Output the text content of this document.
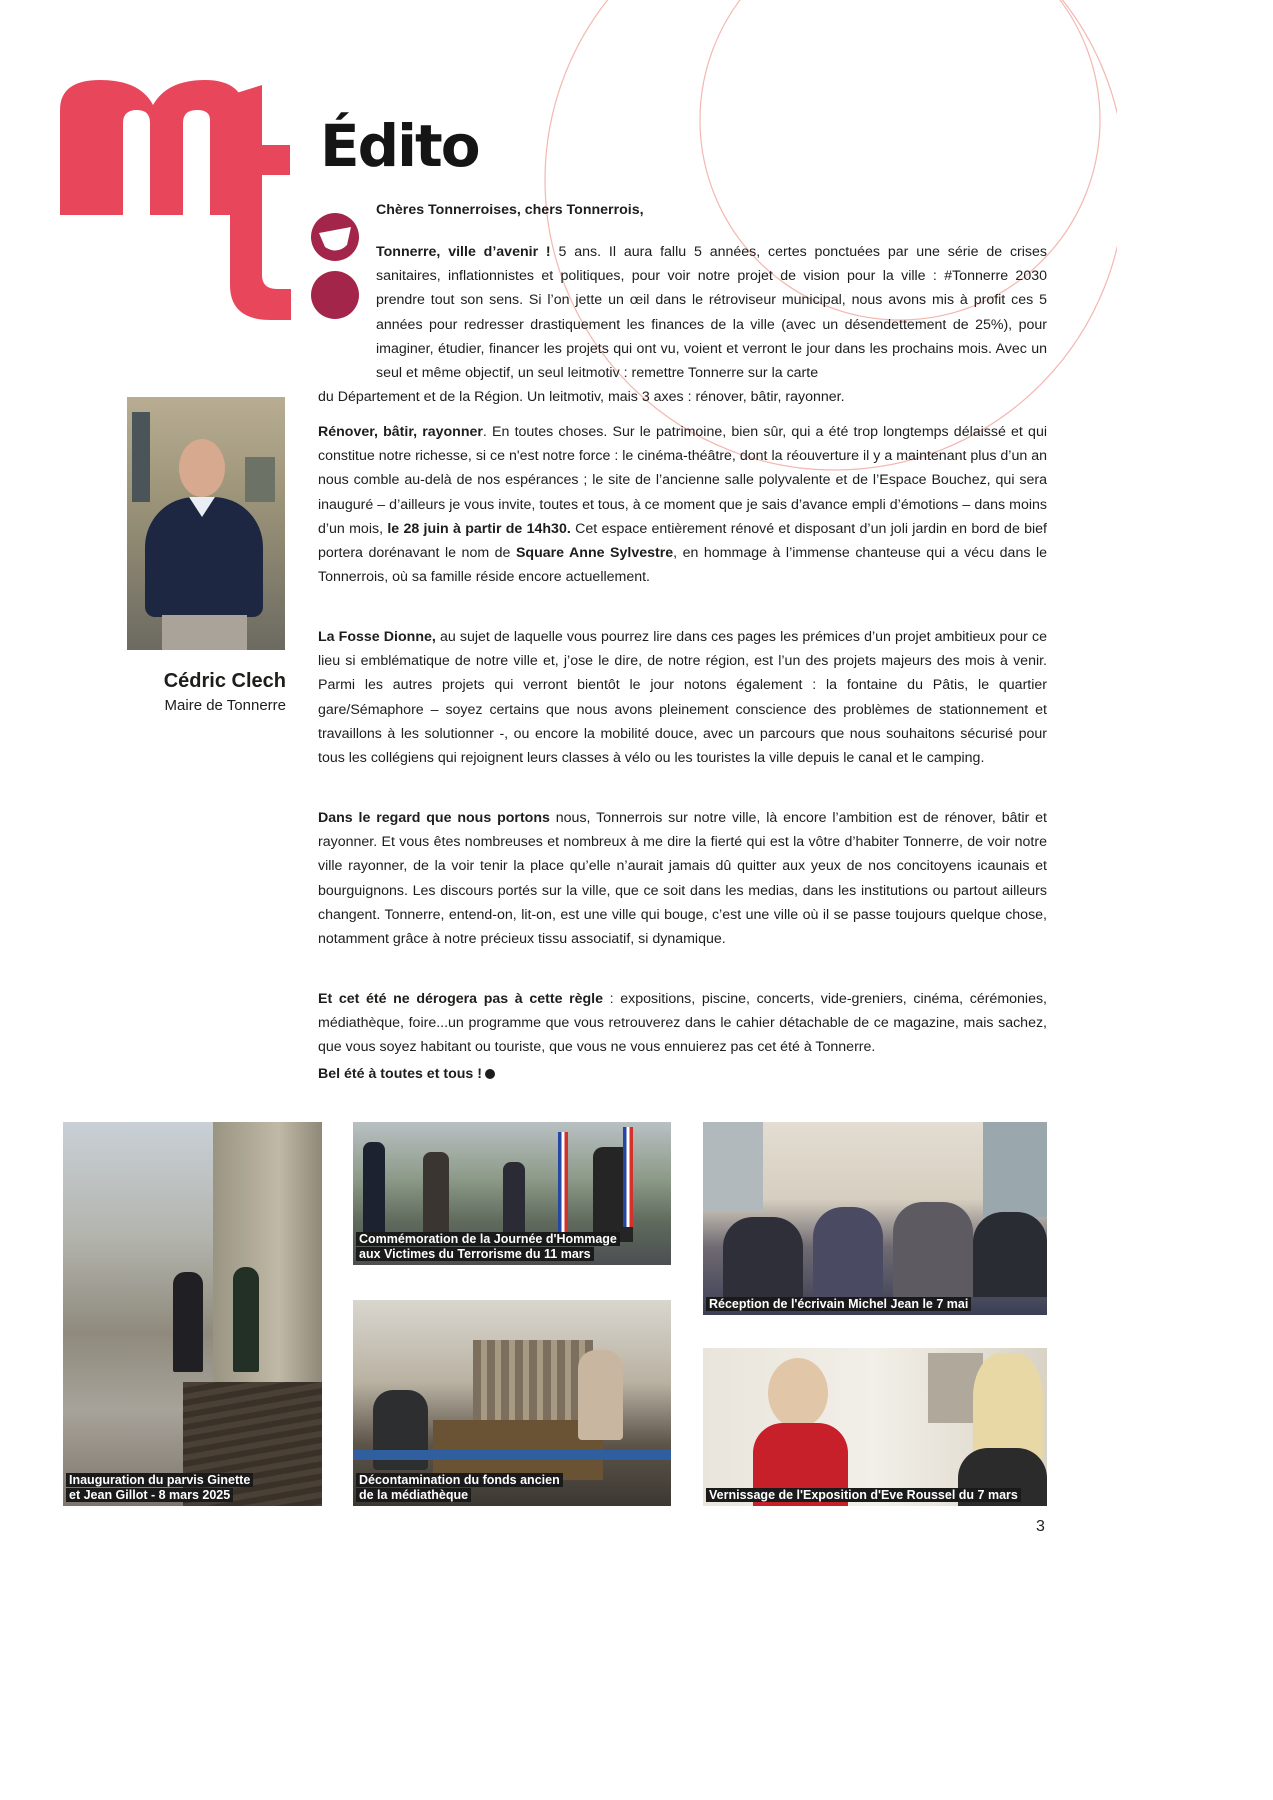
Édito

Cédric Clech

Maire de Tonnerre

Chères Tonnerroises, chers Tonnerrois,

Tonnerre, ville d’avenir ! 5 ans. Il aura fallu 5 années, certes ponctuées par une série de crises sanitaires, inflationnistes et politiques, pour voir notre projet de vision pour la ville : #Tonnerre 2030 prendre tout son sens. Si l’on jette un œil dans le rétroviseur municipal, nous avons mis à profit ces 5 années pour redresser drastiquement les finances de la ville (avec un désendettement de 25%), pour imaginer, étudier, financer les projets qui ont vu, voient et verront le jour dans les prochains mois. Avec un seul et même objectif, un seul leitmotiv : remettre Tonnerre sur la carte
du Département et de la Région. Un leitmotiv, mais 3 axes : rénover, bâtir, rayonner.

Rénover, bâtir, rayonner. En toutes choses. Sur le patrimoine, bien sûr, qui a été trop longtemps délaissé et qui constitue notre richesse, si ce n'est notre force : le cinéma-théâtre, dont la réouverture il y a maintenant plus d’un an nous comble au-delà de nos espérances ; le site de l’ancienne salle polyvalente et de l’Espace Bouchez, qui sera inauguré – d’ailleurs je vous invite, toutes et tous, à ce moment que je sais d’avance empli d’émotions – dans moins d’un mois, le 28 juin à partir de 14h30. Cet espace entièrement rénové et disposant d’un joli jardin en bord de bief portera dorénavant le nom de Square Anne Sylvestre, en hommage à l’immense chanteuse qui a vécu dans le Tonnerrois, où sa famille réside encore actuellement.

La Fosse Dionne, au sujet de laquelle vous pourrez lire dans ces pages les prémices d’un projet ambitieux pour ce lieu si emblématique de notre ville et, j’ose le dire, de notre région, est l’un des projets majeurs des mois à venir. Parmi les autres projets qui verront bientôt le jour notons également : la fontaine du Pâtis, le quartier gare/Sémaphore – soyez certains que nous avons pleinement conscience des problèmes de stationnement et travaillons à les solutionner -, ou encore la mobilité douce, avec un parcours que nous souhaitons sécurisé pour tous les collégiens qui rejoignent leurs classes à vélo ou les touristes la ville depuis le canal et le camping.

Dans le regard que nous portons nous, Tonnerrois sur notre ville, là encore l’ambition est de rénover, bâtir et rayonner. Et vous êtes nombreuses et nombreux à me dire la fierté qui est la vôtre d’habiter Tonnerre, de voir notre ville rayonner, de la voir tenir la place qu’elle n’aurait jamais dû quitter aux yeux de nos concitoyens icaunais et bourguignons. Les discours portés sur la ville, que ce soit dans les medias, dans les institutions ou partout ailleurs changent. Tonnerre, entend-on, lit-on, est une ville qui bouge, c’est une ville où il se passe toujours quelque chose, notamment grâce à notre précieux tissu associatif, si dynamique.

Et cet été ne dérogera pas à cette règle : expositions, piscine, concerts, vide-greniers, cinéma, cérémonies, médiathèque, foire...un programme que vous retrouverez dans le cahier détachable de ce magazine, mais sachez, que vous soyez habitant ou touriste, que vous ne vous ennuierez pas cet été à Tonnerre.

Bel été à toutes et tous !

Inauguration du parvis Ginette
et Jean Gillot - 8 mars 2025
Commémoration de la Journée d'Hommage
aux Victimes du Terrorisme du 11 mars
Décontamination du fonds ancien
de la médiathèque
Réception de l'écrivain Michel Jean le 7 mai
Vernissage de l'Exposition d'Eve Roussel du 7 mars

3
